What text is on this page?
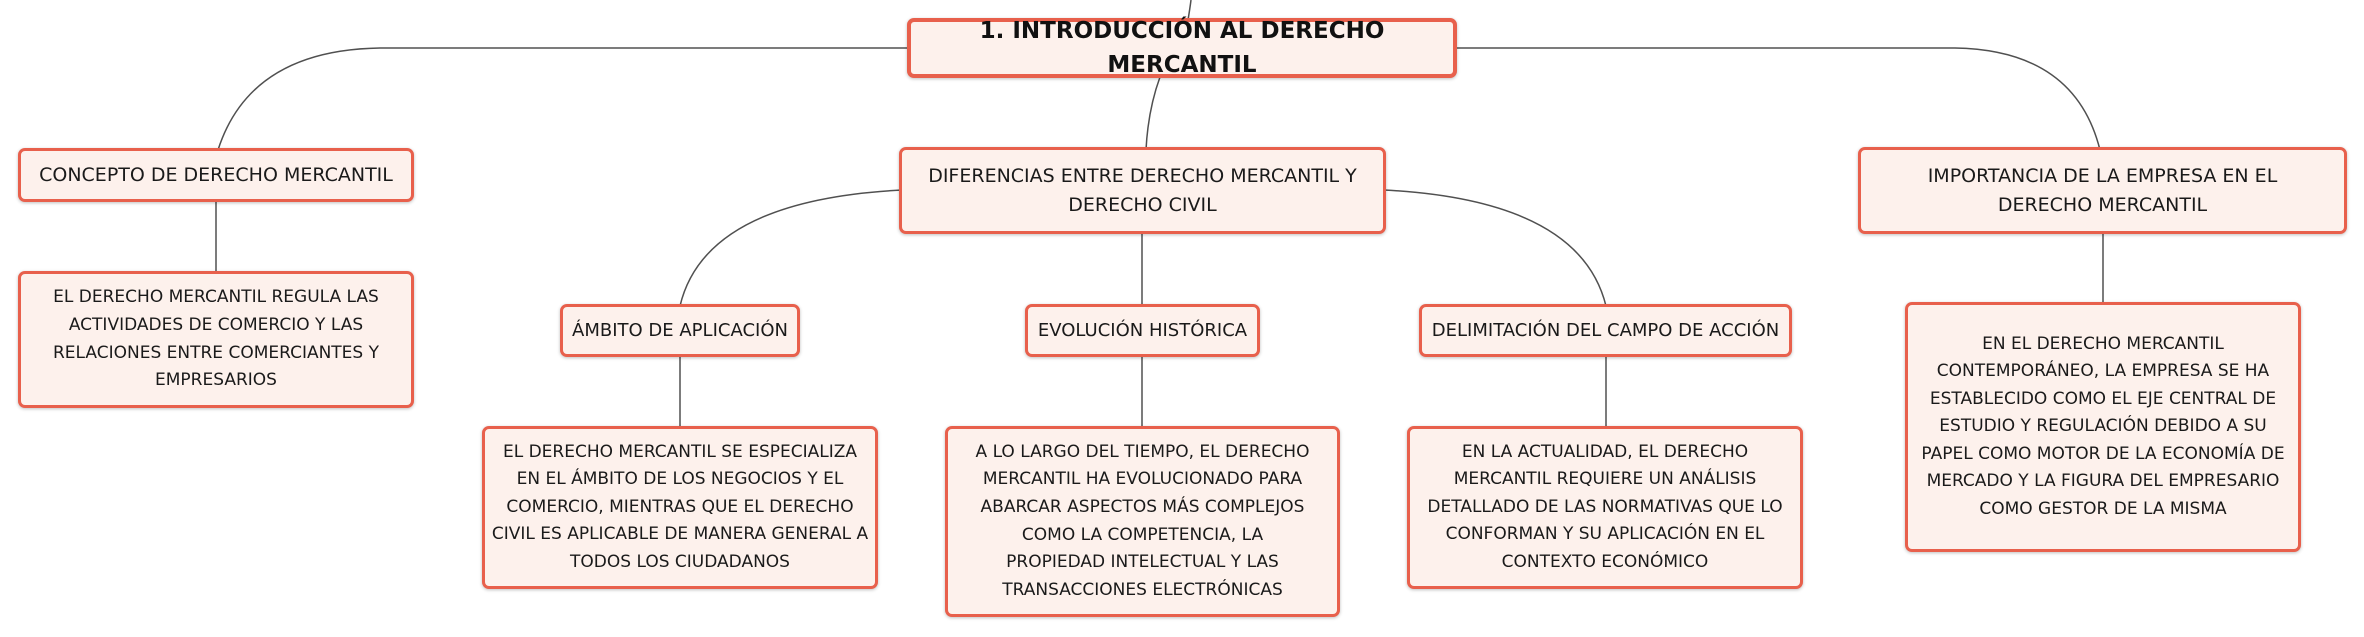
1. INTRODUCCIÓN AL DERECHO MERCANTIL
CONCEPTO DE DERECHO MERCANTIL
EL DERECHO MERCANTIL REGULA LAS ACTIVIDADES DE COMERCIO Y LAS RELACIONES ENTRE COMERCIANTES Y EMPRESARIOS
DIFERENCIAS ENTRE DERECHO MERCANTIL Y DERECHO CIVIL
ÁMBITO DE APLICACIÓN
EL DERECHO MERCANTIL SE ESPECIALIZA EN EL ÁMBITO DE LOS NEGOCIOS Y EL COMERCIO, MIENTRAS QUE EL DERECHO CIVIL ES APLICABLE DE MANERA GENERAL A TODOS LOS CIUDADANOS
EVOLUCIÓN HISTÓRICA
A LO LARGO DEL TIEMPO, EL DERECHO MERCANTIL HA EVOLUCIONADO PARA ABARCAR ASPECTOS MÁS COMPLEJOS COMO LA COMPETENCIA, LA PROPIEDAD INTELECTUAL Y LAS TRANSACCIONES ELECTRÓNICAS
DELIMITACIÓN DEL CAMPO DE ACCIÓN
EN LA ACTUALIDAD, EL DERECHO MERCANTIL REQUIERE UN ANÁLISIS DETALLADO DE LAS NORMATIVAS QUE LO CONFORMAN Y SU APLICACIÓN EN EL CONTEXTO ECONÓMICO
IMPORTANCIA DE LA EMPRESA EN EL DERECHO MERCANTIL
EN EL DERECHO MERCANTIL CONTEMPORÁNEO, LA EMPRESA SE HA ESTABLECIDO COMO EL EJE CENTRAL DE ESTUDIO Y REGULACIÓN DEBIDO A SU PAPEL COMO MOTOR DE LA ECONOMÍA DE MERCADO Y LA FIGURA DEL EMPRESARIO COMO GESTOR DE LA MISMA
